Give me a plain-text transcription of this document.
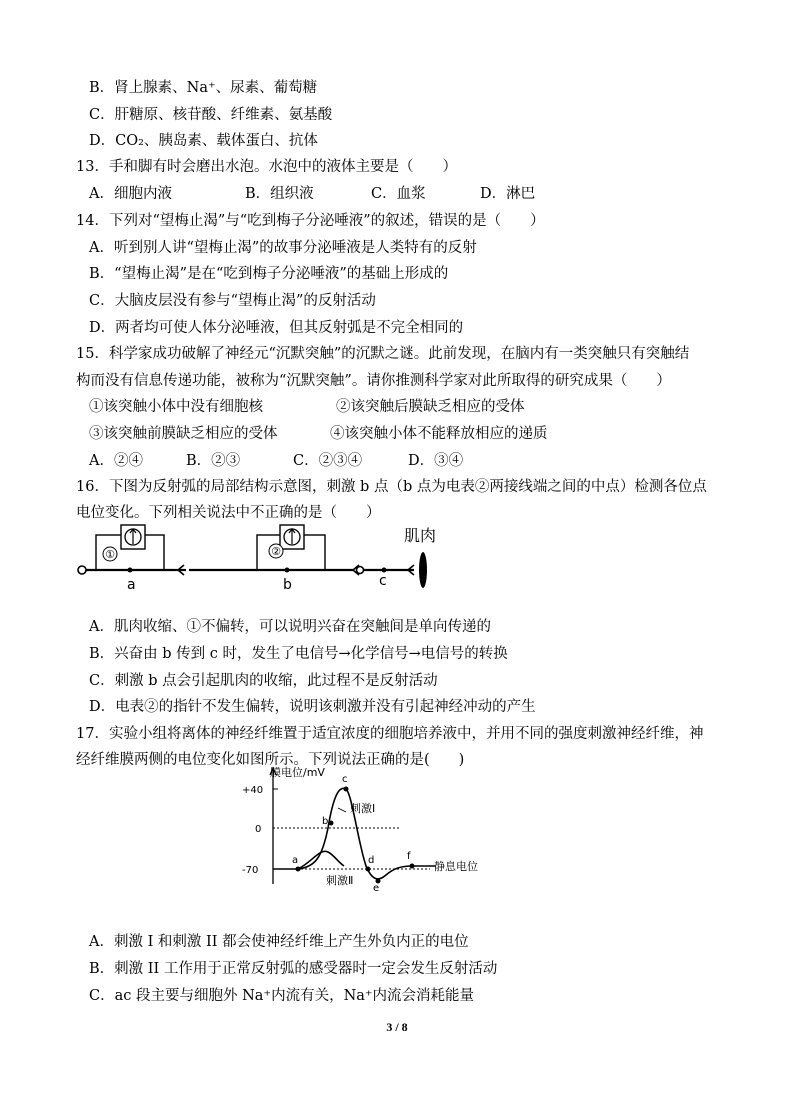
B．肾上腺素、Na⁺、尿素、葡萄糖
C．肝糖原、核苷酸、纤维素、氨基酸
D．CO₂、胰岛素、载体蛋白、抗体
13．手和脚有时会磨出水泡。水泡中的液体主要是（　　）
A．细胞内液	B．组织液	C．血浆	D．淋巴
14．下列对“望梅止渴”与“吃到梅子分泌唾液”的叙述，错误的是（　　）
A．听到别人讲“望梅止渴”的故事分泌唾液是人类特有的反射
B．“望梅止渴”是在“吃到梅子分泌唾液”的基础上形成的
C．大脑皮层没有参与“望梅止渴”的反射活动
D．两者均可使人体分泌唾液，但其反射弧是不完全相同的
15．科学家成功破解了神经元“沉默突触”的沉默之谜。此前发现，在脑内有一类突触只有突触结
构而没有信息传递功能，被称为“沉默突触”。请你推测科学家对此所取得的研究成果（　　）
①该突触小体中没有细胞核	②该突触后膜缺乏相应的受体
③该突触前膜缺乏相应的受体	④该突触小体不能释放相应的递质
A．②④	B．②③	C．②③④	D．③④
16．下图为反射弧的局部结构示意图，刺激 b 点（b 点为电表②两接线端之间的中点）检测各位点
电位变化。下列相关说法中不正确的是（　　）
①	②
a	b	c
肌肉
A．肌肉收缩、①不偏转，可以说明兴奋在突触间是单向传递的
B．兴奋由 b 传到 c 时，发生了电信号→化学信号→电信号的转换
C．刺激 b 点会引起肌肉的收缩，此过程不是反射活动
D．电表②的指针不发生偏转，说明该刺激并没有引起神经冲动的产生
17．实验小组将离体的神经纤维置于适宜浓度的细胞培养液中，并用不同的强度刺激神经纤维，神
经纤维膜两侧的电位变化如图所示。下列说法正确的是(　　)
膜电位/mV
+40
0
-70
a
b
c
d
e
f
刺激Ⅰ
刺激Ⅱ
静息电位
A．刺激 I 和刺激 II 都会使神经纤维上产生外负内正的电位
B．刺激 II 工作用于正常反射弧的感受器时一定会发生反射活动
C．ac 段主要与细胞外 Na⁺内流有关，Na⁺内流会消耗能量
3 / 8
